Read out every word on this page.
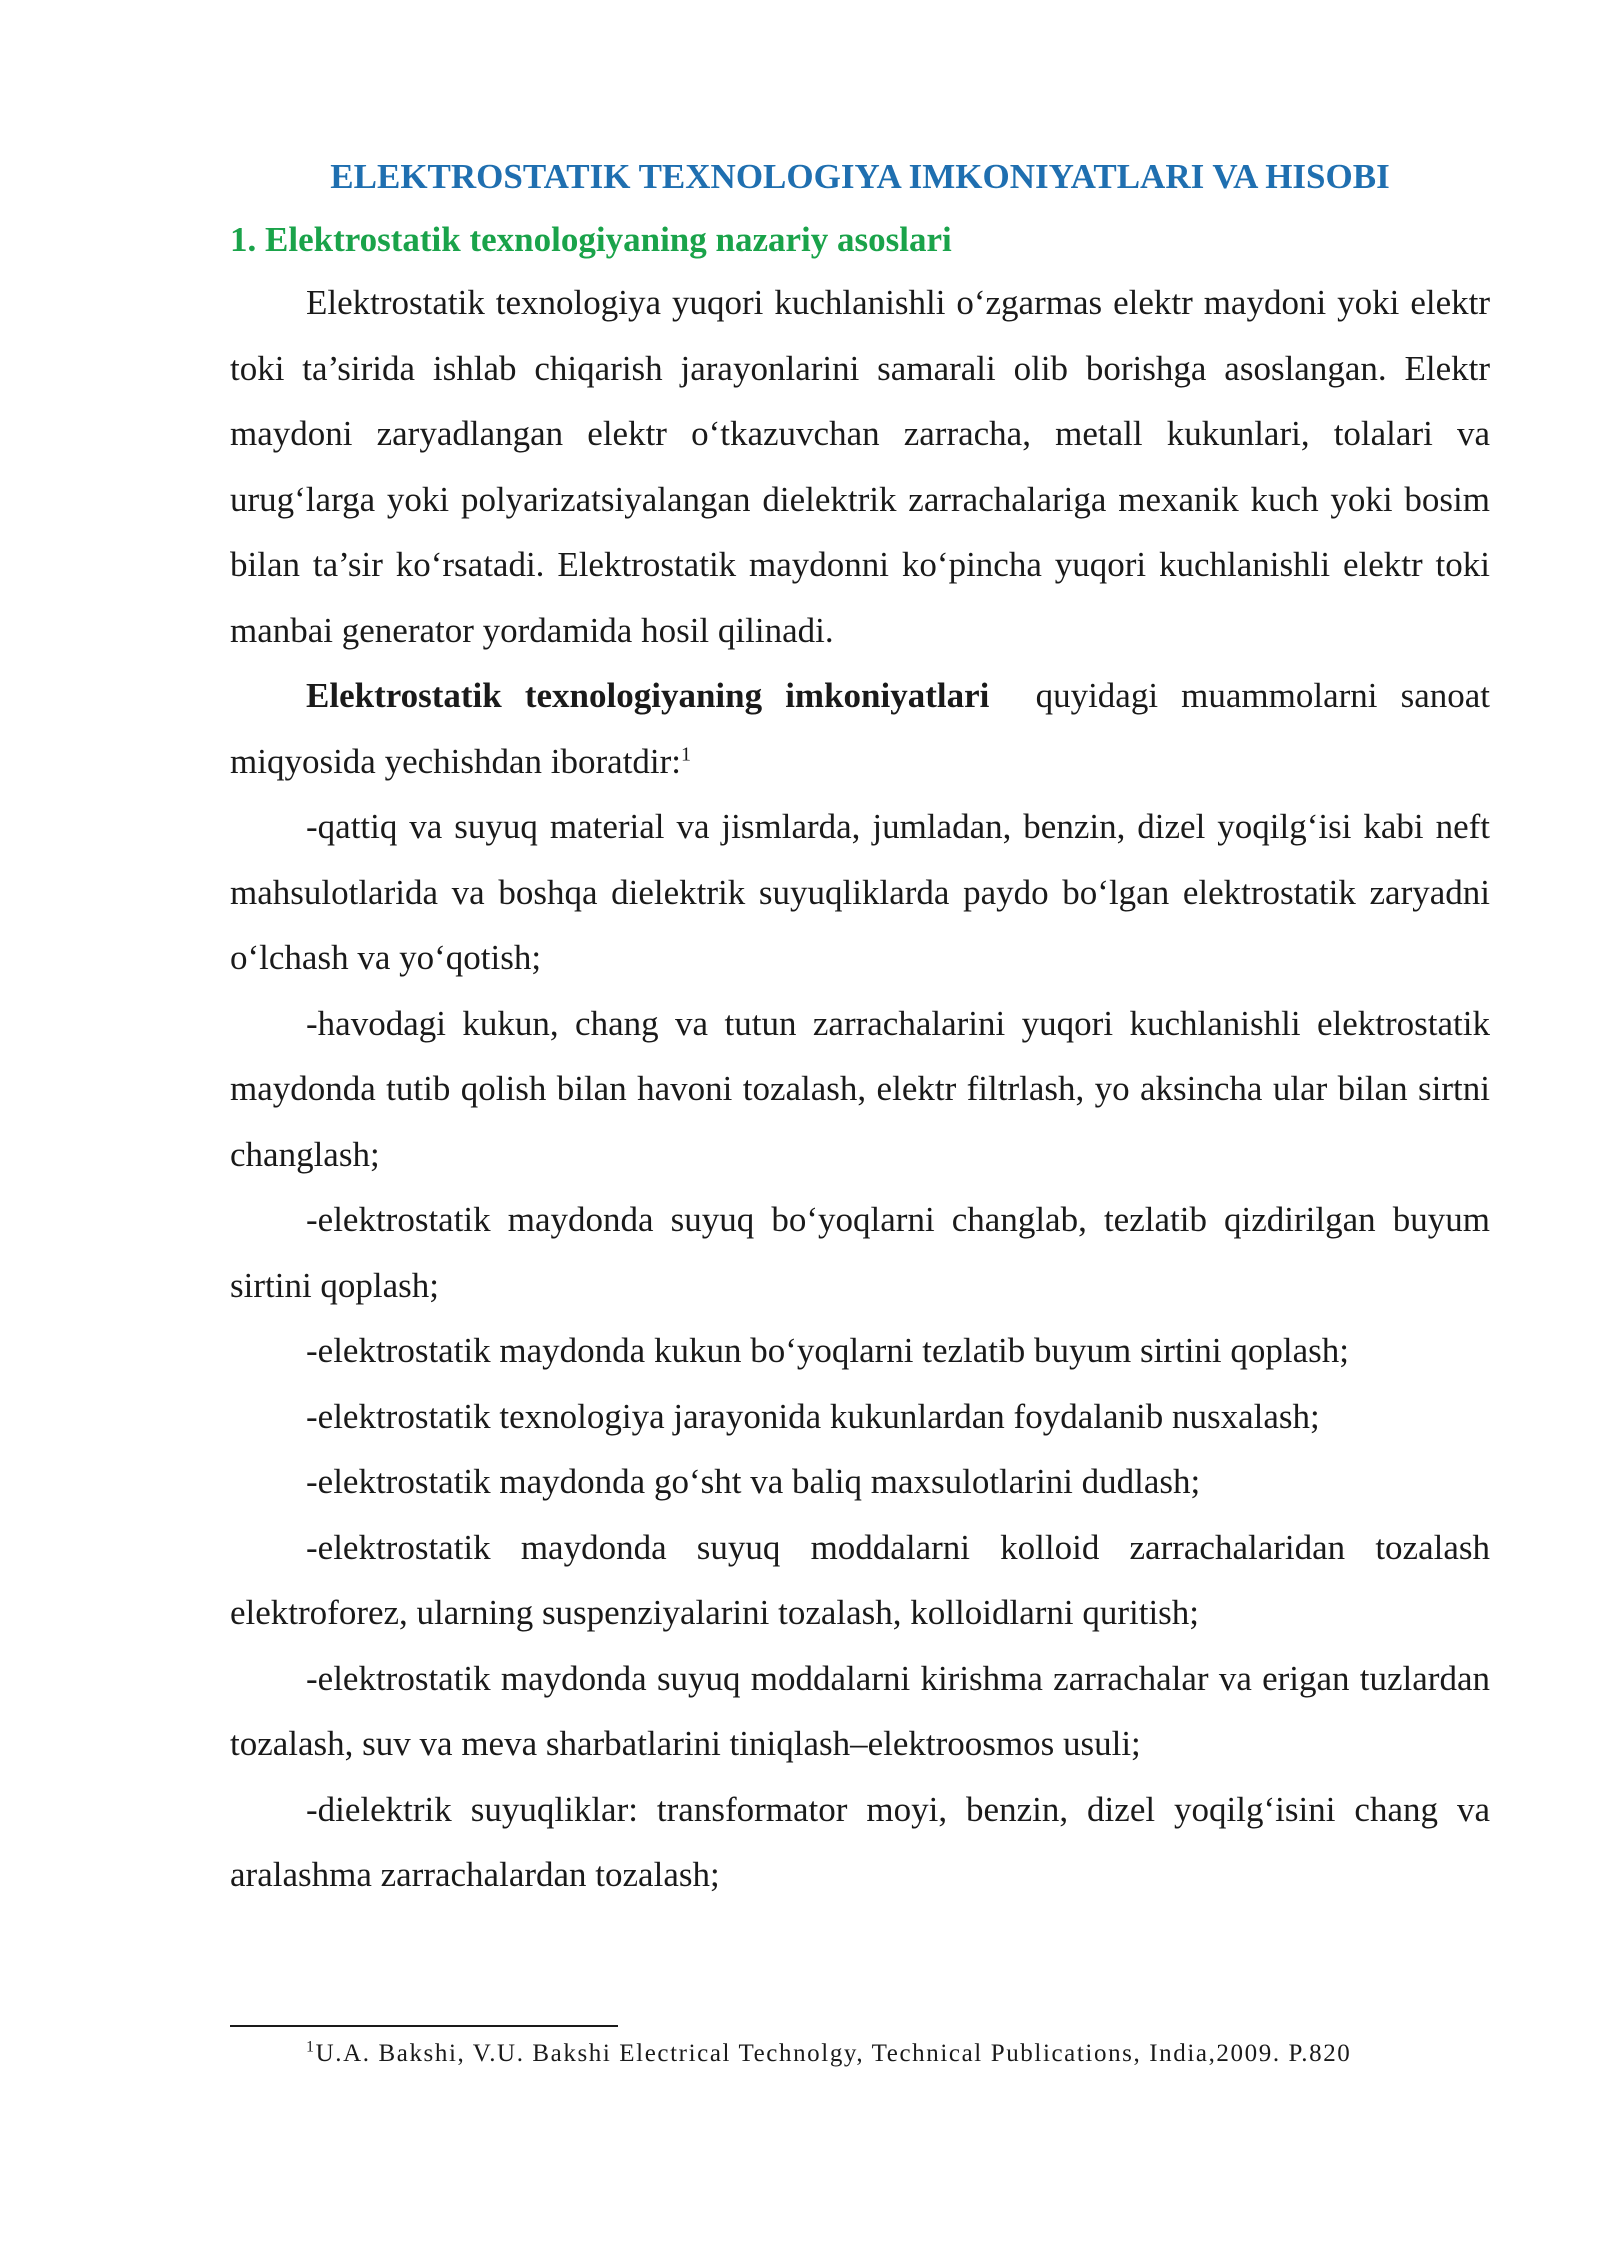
ELEKTROSTATIK TEXNOLOGIYA IMKONIYATLARI VA HISOBI
1. Elektrostatik texnologiyaning nazariy asoslari

Elektrostatik texnologiya yuqori kuchlanishli o‘zgarmas elektr maydoni yoki elektr toki ta’sirida ishlab chiqarish jarayonlarini samarali olib borishga asoslangan. Elektr maydoni zaryadlangan elektr o‘tkazuvchan zarracha, metall kukunlari, tolalari va urug‘larga yoki polyarizatsiyalangan dielektrik zarrachalariga mexanik kuch yoki bosim bilan ta’sir ko‘rsatadi. Elektrostatik maydonni ko‘pincha yuqori kuchlanishli elektr toki manbai generator yordamida hosil qilinadi.

Elektrostatik texnologiyaning imkoniyatlari  quyidagi muammolarni sanoat miqyosida yechishdan iboratdir:$^1$

-qattiq va suyuq material va jismlarda, jumladan, benzin, dizel yoqilg‘isi kabi neft mahsulotlarida va boshqa dielektrik suyuqliklarda paydo bo‘lgan elektrostatik zaryadni o‘lchash va yo‘qotish;

-havodagi kukun, chang va tutun zarrachalarini yuqori kuchlanishli elektrostatik maydonda tutib qolish bilan havoni tozalash, elektr filtrlash, yo aksincha ular bilan sirtni changlash;

-elektrostatik maydonda suyuq bo‘yoqlarni changlab, tezlatib qizdirilgan buyum sirtini qoplash;

-elektrostatik maydonda kukun bo‘yoqlarni tezlatib buyum sirtini qoplash;

-elektrostatik texnologiya jarayonida kukunlardan foydalanib nusxalash;

-elektrostatik maydonda go‘sht va baliq maxsulotlarini dudlash;

-elektrostatik maydonda suyuq moddalarni kolloid zarrachalaridan tozalash elektroforez, ularning suspenziyalarini tozalash, kolloidlarni quritish;

-elektrostatik maydonda suyuq moddalarni kirishma zarrachalar va erigan tuzlardan tozalash, suv va meva sharbatlarini tiniqlash–elektroosmos usuli;

-dielektrik suyuqliklar: transformator moyi, benzin, dizel yoqilg‘isini chang va aralashma zarrachalardan tozalash;

$^1$U.A. Bakshi, V.U. Bakshi Electrical Technolgy, Technical Publications, India,2009. P.820
